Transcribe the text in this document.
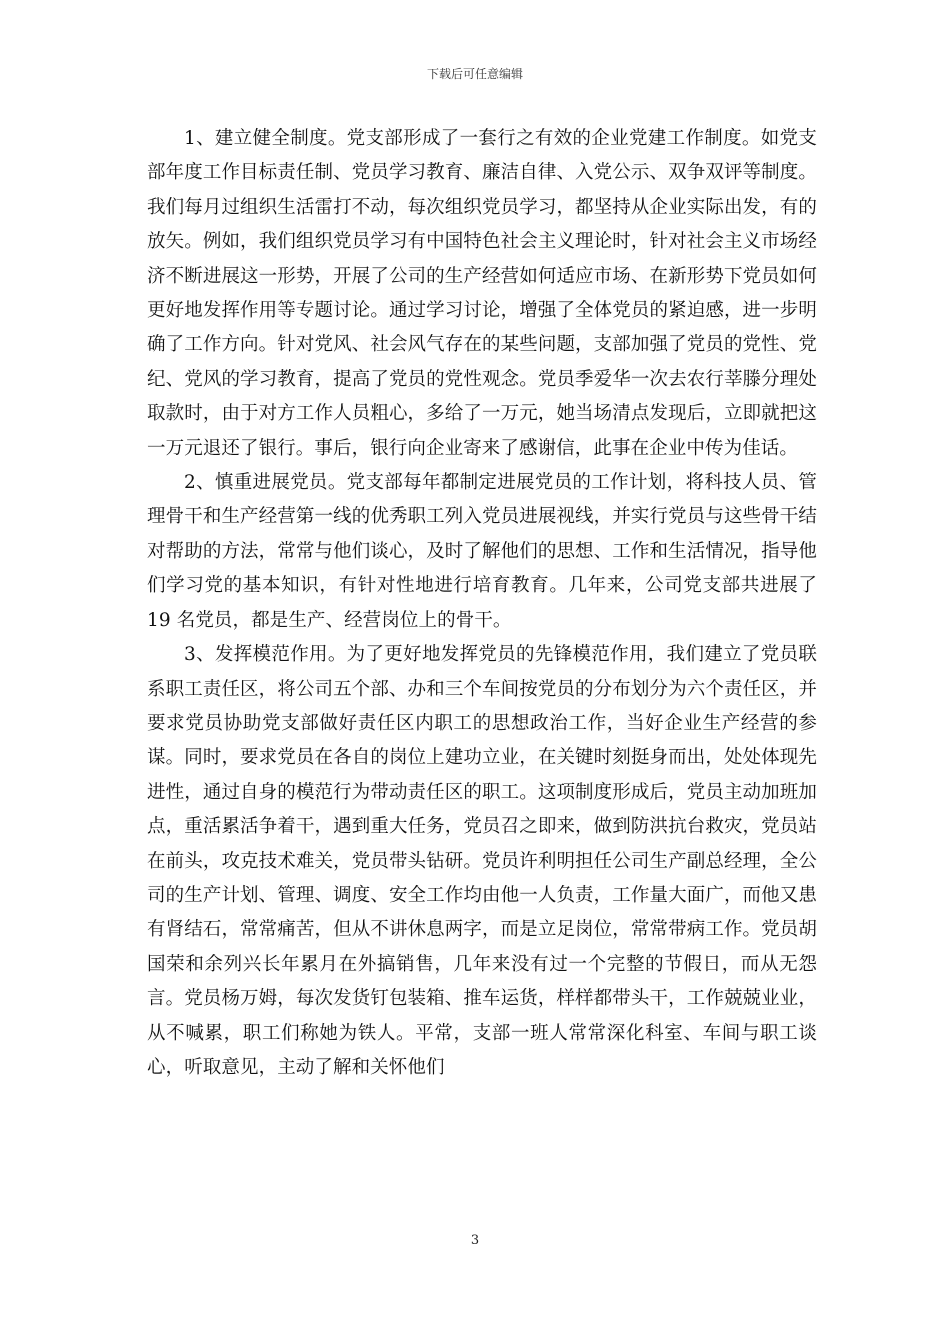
下载后可任意编辑

1、建立健全制度。党支部形成了一套行之有效的企业党建工作制度。如党支部年度工作目标责任制、党员学习教育、廉洁自律、入党公示、双争双评等制度。我们每月过组织生活雷打不动，每次组织党员学习，都坚持从企业实际出发，有的放矢。例如，我们组织党员学习有中国特色社会主义理论时，针对社会主义市场经济不断进展这一形势，开展了公司的生产经营如何适应市场、在新形势下党员如何更好地发挥作用等专题讨论。通过学习讨论，增强了全体党员的紧迫感，进一步明确了工作方向。针对党风、社会风气存在的某些问题，支部加强了党员的党性、党纪、党风的学习教育，提高了党员的党性观念。党员季爱华一次去农行莘滕分理处取款时，由于对方工作人员粗心，多给了一万元，她当场清点发现后，立即就把这一万元退还了银行。事后，银行向企业寄来了感谢信，此事在企业中传为佳话。

2、慎重进展党员。党支部每年都制定进展党员的工作计划，将科技人员、管理骨干和生产经营第一线的优秀职工列入党员进展视线，并实行党员与这些骨干结对帮助的方法，常常与他们谈心，及时了解他们的思想、工作和生活情况，指导他们学习党的基本知识，有针对性地进行培育教育。几年来，公司党支部共进展了 19 名党员，都是生产、经营岗位上的骨干。

3、发挥模范作用。为了更好地发挥党员的先锋模范作用，我们建立了党员联系职工责任区，将公司五个部、办和三个车间按党员的分布划分为六个责任区，并要求党员协助党支部做好责任区内职工的思想政治工作，当好企业生产经营的参谋。同时，要求党员在各自的岗位上建功立业，在关键时刻挺身而出，处处体现先进性，通过自身的模范行为带动责任区的职工。这项制度形成后，党员主动加班加点，重活累活争着干，遇到重大任务，党员召之即来，做到防洪抗台救灾，党员站在前头，攻克技术难关，党员带头钻研。党员许利明担任公司生产副总经理，全公司的生产计划、管理、调度、安全工作均由他一人负责，工作量大面广，而他又患有肾结石，常常痛苦，但从不讲休息两字，而是立足岗位，常常带病工作。党员胡国荣和余列兴长年累月在外搞销售，几年来没有过一个完整的节假日，而从无怨言。党员杨万姆，每次发货钉包装箱、推车运货，样样都带头干，工作兢兢业业，从不喊累，职工们称她为铁人。平常，支部一班人常常深化科室、车间与职工谈心，听取意见，主动了解和关怀他们

3
